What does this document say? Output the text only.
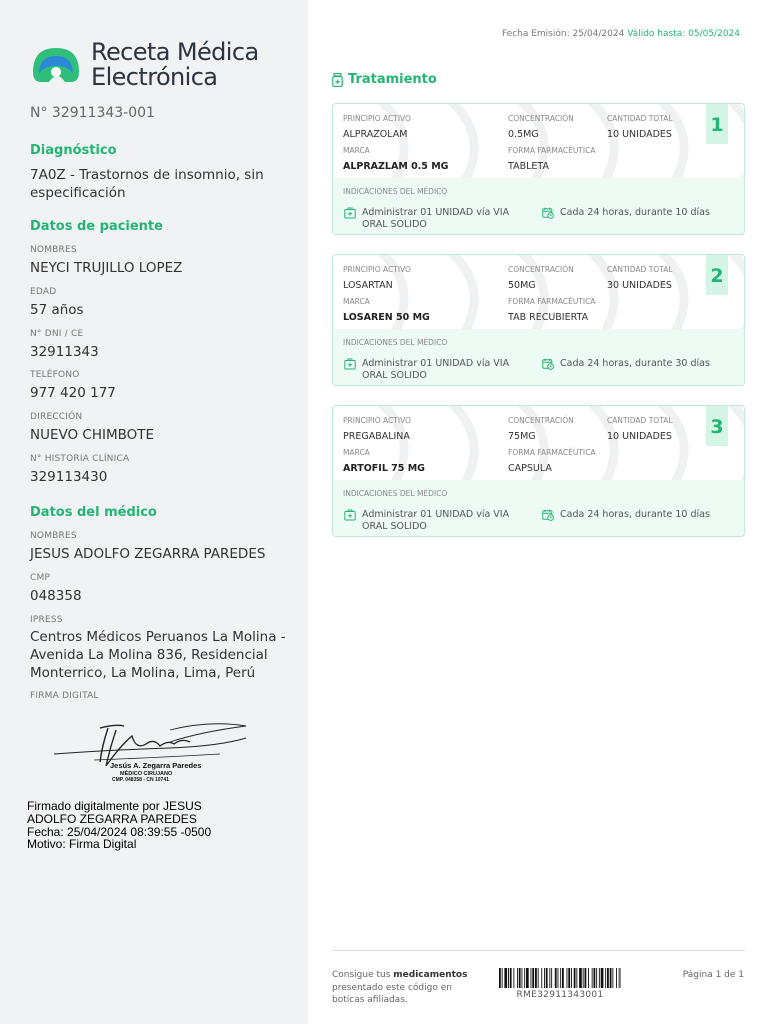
Receta Médica
Electrónica
N° 32911343-001
Diagnóstico
7A0Z - Trastornos de insomnio, sin
especificación
Datos de paciente
NOMBRES
NEYCI TRUJILLO LOPEZ
EDAD
57 años
N° DNI / CE
32911343
TELÉFONO
977 420 177
DIRECCIÓN
NUEVO CHIMBOTE
N° HISTORIA CLÍNICA
329113430
Datos del médico
NOMBRES
JESUS ADOLFO ZEGARRA PAREDES
CMP
048358
IPRESS
Centros Médicos Peruanos La Molina -
Avenida La Molina 836, Residencial
Monterrico, La Molina, Lima, Perú
FIRMA DIGITAL
Jesús A. Zegarra Paredes
MÉDICO CIRUJANO
CMP. 048358 - CN 10741
Firmado digitalmente por JESUS
ADOLFO ZEGARRA PAREDES
Fecha: 25/04/2024 08:39:55 -0500
Motivo: Firma Digital
Fecha Emisión: 25/04/2024 Válido hasta: 05/05/2024
Tratamiento
PRINCIPIO ACTIVO
ALPRAZOLAM
CONCENTRACIÓN
0.5MG
CANTIDAD TOTAL
10 UNIDADES
MARCA
ALPRAZLAM 0.5 MG
FORMA FARMACÉUTICA
TABLETA
1
INDICACIONES DEL MÉDICO
Administrar 01 UNIDAD vía VIA
ORAL SOLIDO
Cada 24 horas, durante 10 días
PRINCIPIO ACTIVO
LOSARTAN
CONCENTRACIÓN
50MG
CANTIDAD TOTAL
30 UNIDADES
MARCA
LOSAREN 50 MG
FORMA FARMACÉUTICA
TAB RECUBIERTA
2
INDICACIONES DEL MÉDICO
Administrar 01 UNIDAD vía VIA
ORAL SOLIDO
Cada 24 horas, durante 30 días
PRINCIPIO ACTIVO
PREGABALINA
CONCENTRACIÓN
75MG
CANTIDAD TOTAL
10 UNIDADES
MARCA
ARTOFIL 75 MG
FORMA FARMACÉUTICA
CAPSULA
3
INDICACIONES DEL MÉDICO
Administrar 01 UNIDAD vía VIA
ORAL SOLIDO
Cada 24 horas, durante 10 días
Consigue tus medicamentos
presentado este código en
boticas afiliadas.	RME32911343001
Página 1 de 1
